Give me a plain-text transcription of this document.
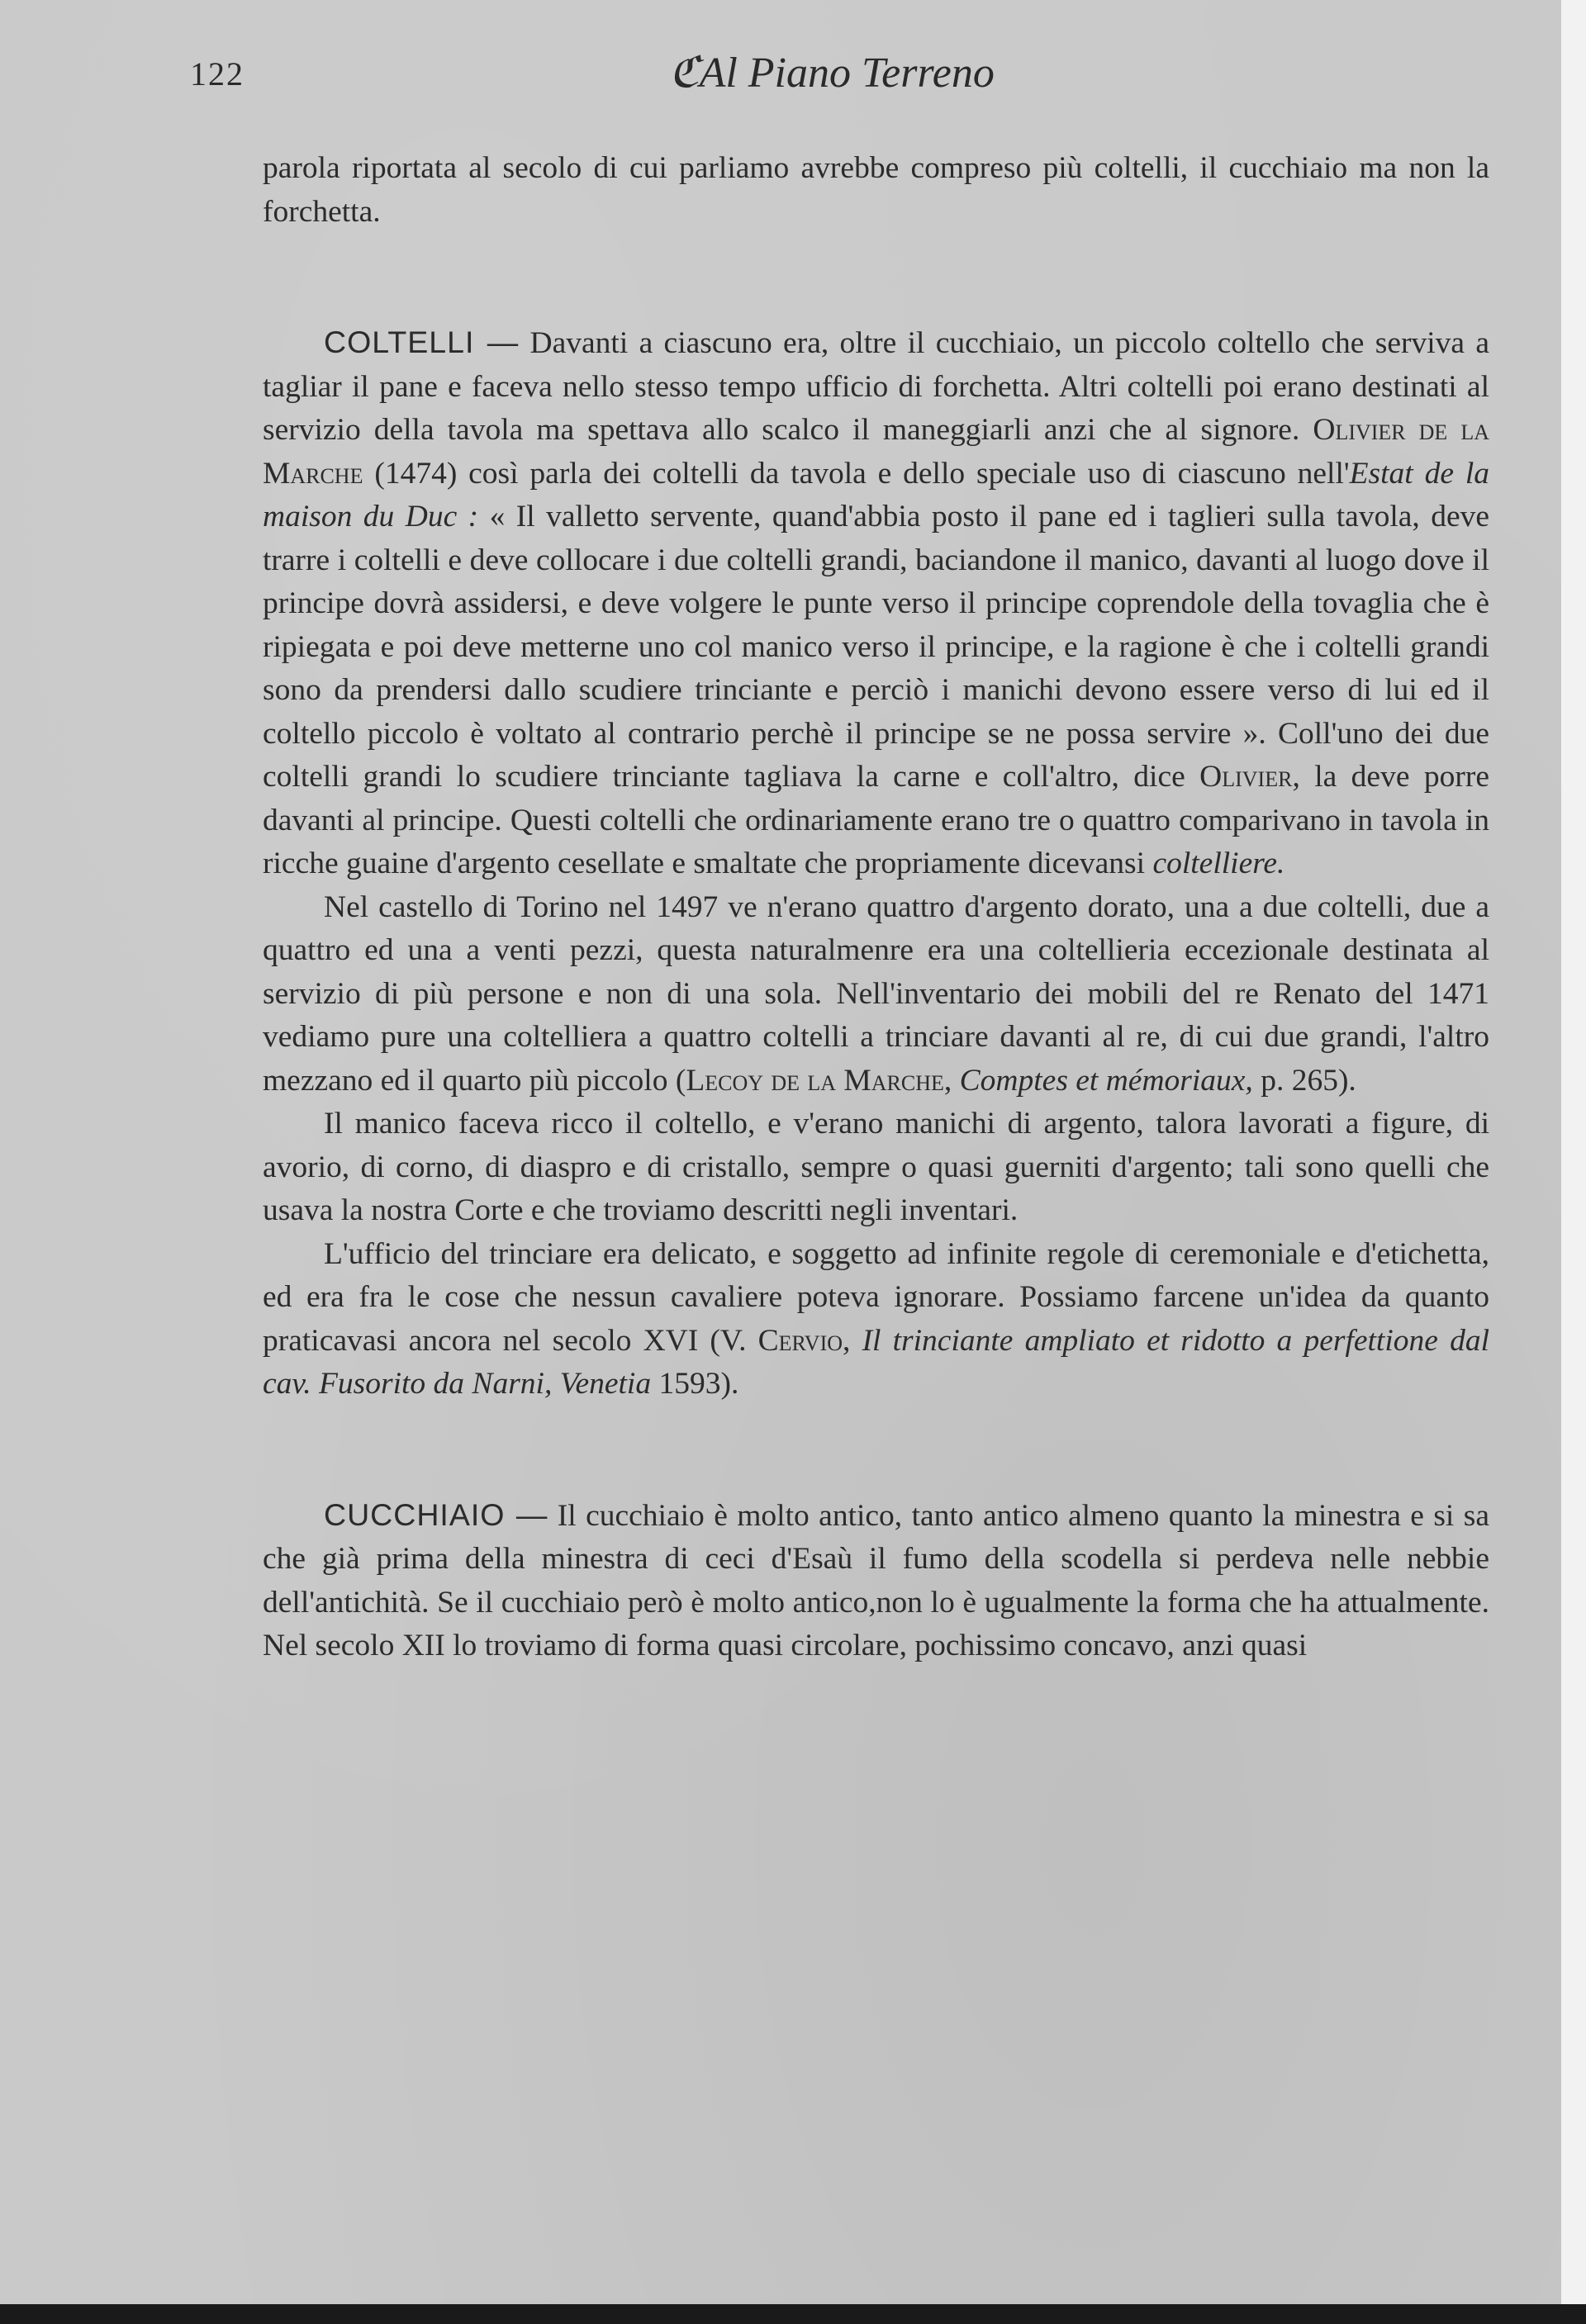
122	ℭAl Piano Terreno

parola riportata al secolo di cui parliamo avrebbe compreso più coltelli, il cucchiaio ma non la forchetta.

COLTELLI — Davanti a ciascuno era, oltre il cucchiaio, un piccolo coltello che serviva a tagliar il pane e faceva nello stesso tempo ufficio di forchetta. Altri coltelli poi erano destinati al servizio della tavola ma spettava allo scalco il maneggiarli anzi che al signore. Olivier de la Marche (1474) così parla dei coltelli da tavola e dello speciale uso di ciascuno nell'Estat de la maison du Duc : « Il valletto servente, quand'abbia posto il pane ed i taglieri sulla tavola, deve trarre i coltelli e deve collocare i due coltelli grandi, baciandone il manico, davanti al luogo dove il principe dovrà assidersi, e deve volgere le punte verso il principe coprendole della tovaglia che è ripiegata e poi deve metterne uno col manico verso il principe, e la ragione è che i coltelli grandi sono da prendersi dallo scudiere trinciante e perciò i manichi devono essere verso di lui ed il coltello piccolo è voltato al contrario perchè il principe se ne possa servire ». Coll'uno dei due coltelli grandi lo scudiere trinciante tagliava la carne e coll'altro, dice Olivier, la deve porre davanti al principe. Questi coltelli che ordinariamente erano tre o quattro comparivano in tavola in ricche guaine d'argento cesellate e smaltate che propriamente dicevansi coltelliere.

Nel castello di Torino nel 1497 ve n'erano quattro d'argento dorato, una a due coltelli, due a quattro ed una a venti pezzi, questa naturalmenre era una coltellieria eccezionale destinata al servizio di più persone e non di una sola. Nell'inventario dei mobili del re Renato del 1471 vediamo pure una coltelliera a quattro coltelli a trinciare davanti al re, di cui due grandi, l'altro mezzano ed il quarto più piccolo (Lecoy de la Marche, Comptes et mémoriaux, p. 265).

Il manico faceva ricco il coltello, e v'erano manichi di argento, talora lavorati a figure, di avorio, di corno, di diaspro e di cristallo, sempre o quasi guerniti d'argento; tali sono quelli che usava la nostra Corte e che troviamo descritti negli inventari.

L'ufficio del trinciare era delicato, e soggetto ad infinite regole di ceremoniale e d'etichetta, ed era fra le cose che nessun cavaliere poteva ignorare. Possiamo farcene un'idea da quanto praticavasi ancora nel secolo XVI (V. Cervio, Il trinciante ampliato et ridotto a perfettione dal cav. Fusorito da Narni, Venetia 1593).

CUCCHIAIO — Il cucchiaio è molto antico, tanto antico almeno quanto la minestra e si sa che già prima della minestra di ceci d'Esaù il fumo della scodella si perdeva nelle nebbie dell'antichità. Se il cucchiaio però è molto antico,non lo è ugualmente la forma che ha attualmente. Nel secolo XII lo troviamo di forma quasi circolare, pochissimo concavo, anzi quasi
